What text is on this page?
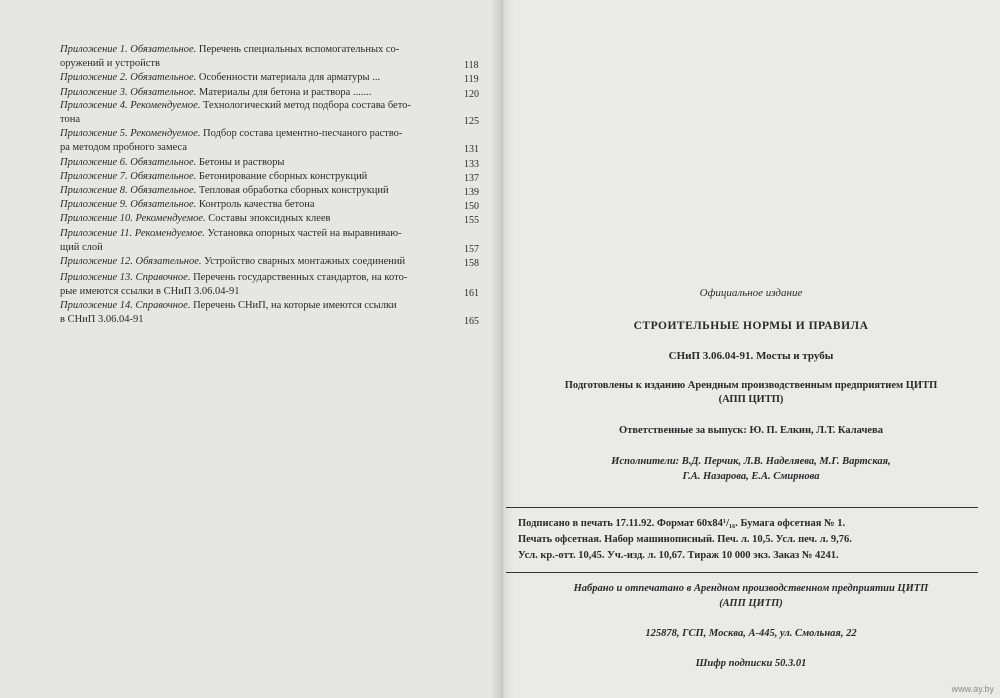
Приложение 1. Обязательное. Перечень специальных вспомогательных со-
оружений и устройств	118
Приложение 2. Обязательное. Особенности материала для арматуры ...	119
Приложение 3. Обязательное. Материалы для бетона и раствора .......	120
Приложение 4. Рекомендуемое. Технологический метод подбора состава бето-
тона	125
Приложение 5. Рекомендуемое. Подбор состава цементно-песчаного раство-
ра методом пробного замеса	131
Приложение 6. Обязательное. Бетоны и растворы	133
Приложение 7. Обязательное. Бетонирование сборных конструкций	137
Приложение 8. Обязательное. Тепловая обработка сборных конструкций	139
Приложение 9. Обязательное. Контроль качества бетона	150
Приложение 10. Рекомендуемое. Составы эпоксидных клеев	155
Приложение 11. Рекомендуемое. Установка опорных частей на выравниваю-
щий слой	157
Приложение 12. Обязательное. Устройство сварных монтажных соединений	158
Приложение 13. Справочное. Перечень государственных стандартов, на кото-
рые имеются ссылки в СНиП 3.06.04-91	161
Приложение 14. Справочное. Перечень СНиП, на которые имеются ссылки
в СНиП 3.06.04-91	165
Официальное издание
СТРОИТЕЛЬНЫЕ НОРМЫ И ПРАВИЛА
СНиП 3.06.04-91. Мосты и трубы
Подготовлены к изданию Арендным производственным предприятием ЦИТП
(АПП ЦИТП)
Ответственные за выпуск: Ю. П. Елкин, Л.Т. Калачева
Исполнители: В.Д. Перчик, Л.В. Наделяева, М.Г. Вартская,
Г.А. Назарова, Е.А. Смирнова
Подписано в печать 17.11.92. Формат 60x84¹/₁₆. Бумага офсетная № 1.
Печать офсетная. Набор машинописный. Печ. л. 10,5. Усл. печ. л. 9,76.
Усл. кр.-отт. 10,45. Уч.-изд. л. 10,67. Тираж 10 000 экз. Заказ № 4241.
Набрано и отпечатано в Арендном производственном предприятии ЦИТП
(АПП ЦИТП)
125878, ГСП, Москва, А-445, ул. Смольная, 22
Шифр подписки 50.3.01
www.ay.by
